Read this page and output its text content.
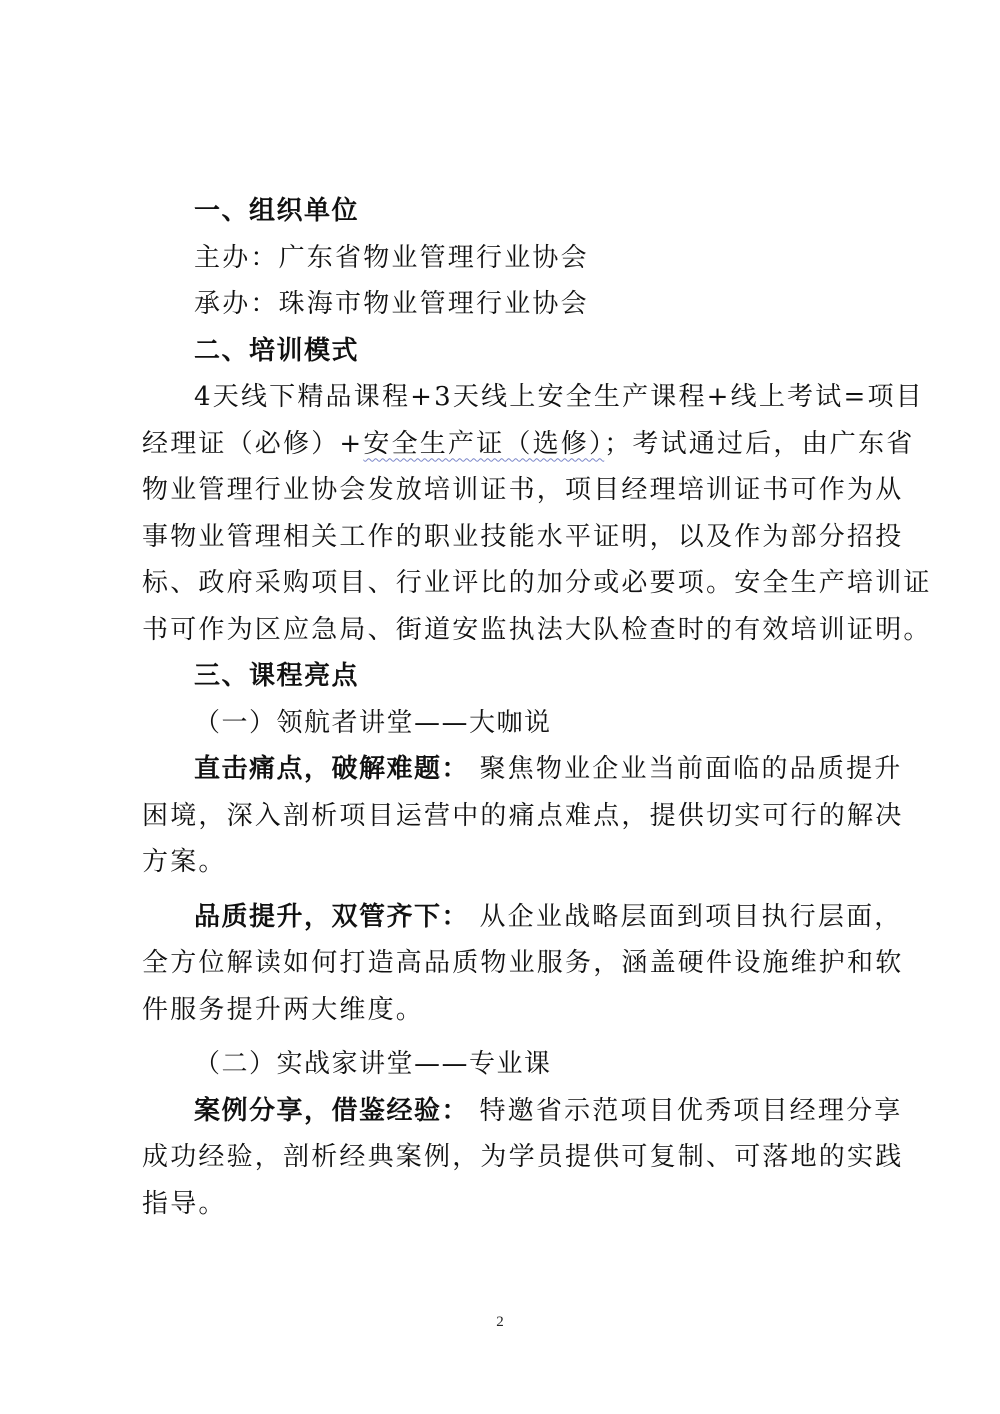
一、组织单位
主办：广东省物业管理行业协会
承办：珠海市物业管理行业协会
二、培训模式
4天线下精品课程+3天线上安全生产课程+线上考试=项目
经理证（必修）+安全生产证（选修）；考试通过后，由广东省
物业管理行业协会发放培训证书，项目经理培训证书可作为从
事物业管理相关工作的职业技能水平证明，以及作为部分招投
标、政府采购项目、行业评比的加分或必要项。安全生产培训证
书可作为区应急局、街道安监执法大队检查时的有效培训证明。
三、课程亮点
（一）领航者讲堂——大咖说
直击痛点，破解难题： 聚焦物业企业当前面临的品质提升
困境，深入剖析项目运营中的痛点难点，提供切实可行的解决
方案。
品质提升，双管齐下： 从企业战略层面到项目执行层面，
全方位解读如何打造高品质物业服务，涵盖硬件设施维护和软
件服务提升两大维度。
（二）实战家讲堂——专业课
案例分享，借鉴经验： 特邀省示范项目优秀项目经理分享
成功经验，剖析经典案例，为学员提供可复制、可落地的实践
指导。
2
